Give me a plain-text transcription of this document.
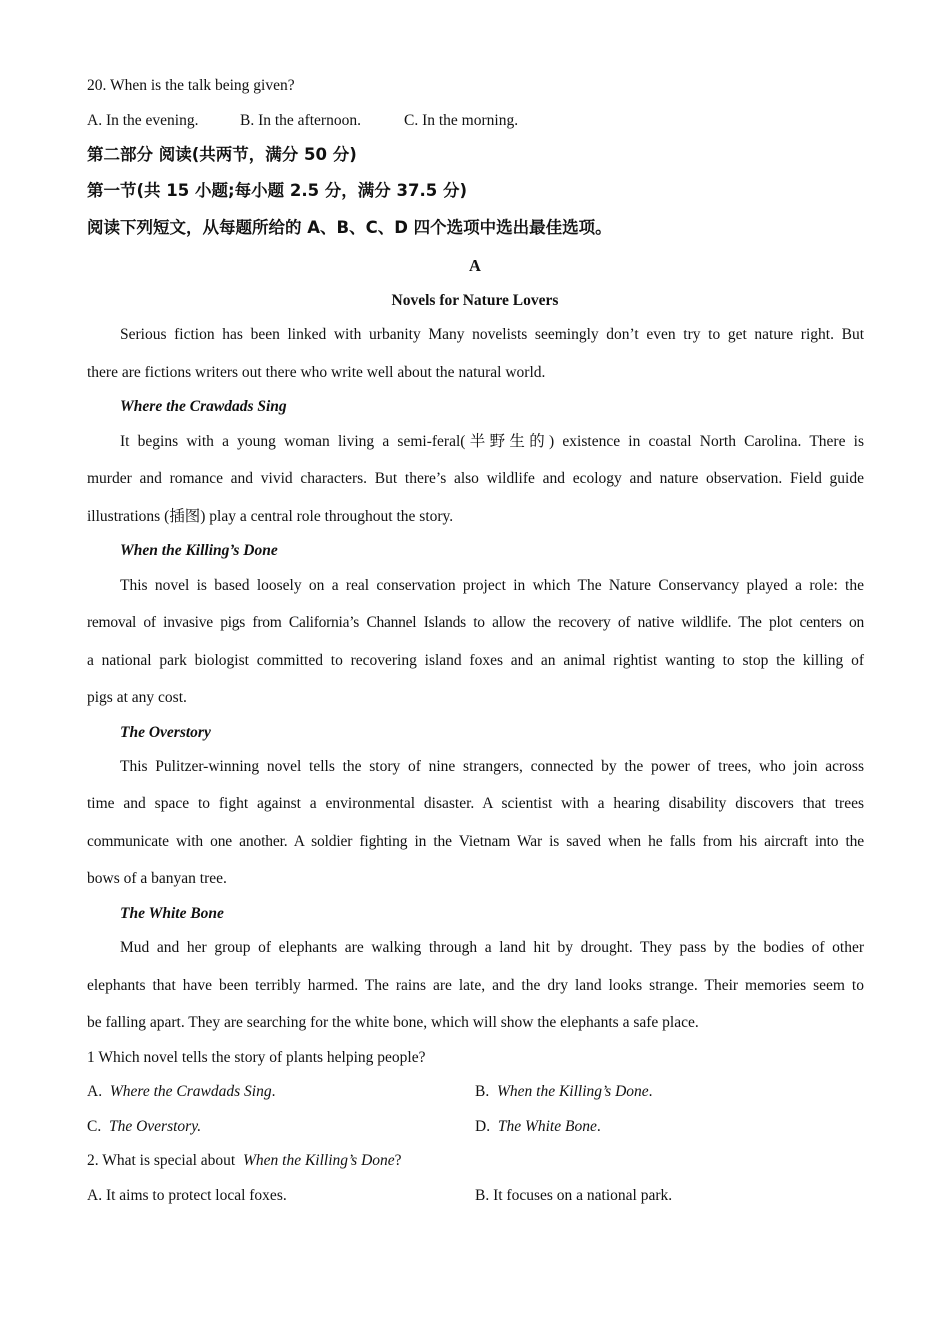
20. When is the talk being given?
A. In the evening.	B. In the afternoon.	C. In the morning.
第二部分 阅读(共两节，满分 50 分)
第一节(共 15 小题;每小题 2.5 分，满分 37.5 分)
阅读下列短文，从每题所给的 A、B、C、D 四个选项中选出最佳选项。
A
Novels for Nature Lovers
Serious fiction has been linked with urbanity Many novelists seemingly don’t even try to get nature right. But
there are fictions writers out there who write well about the natural world.
Where the Crawdads Sing
It begins with a young woman living a semi-feral(半野生的) existence in coastal North Carolina. There is
murder and romance and vivid characters. But there’s also wildlife and ecology and nature observation. Field guide
illustrations (插图) play a central role throughout the story.
When the Killing’s Done
This novel is based loosely on a real conservation project in which The Nature Conservancy played a role: the
removal of invasive pigs from California’s Channel Islands to allow the recovery of native wildlife. The plot centers on
a national park biologist committed to recovering island foxes and an animal rightist wanting to stop the killing of
pigs at any cost.
The Overstory
This Pulitzer-winning novel tells the story of nine strangers, connected by the power of trees, who join across
time and space to fight against a environmental disaster. A scientist with a hearing disability discovers that trees
communicate with one another. A soldier fighting in the Vietnam War is saved when he falls from his aircraft into the
bows of a banyan tree.
The White Bone
Mud and her group of elephants are walking through a land hit by drought. They pass by the bodies of other
elephants that have been terribly harmed. The rains are late, and the dry land looks strange. Their memories seem to
be falling apart. They are searching for the white bone, which will show the elephants a safe place.
1 Which novel tells the story of plants helping people?
A. Where the Crawdads Sing.	B. When the Killing’s Done.
C. The Overstory.	D. The White Bone.
2. What is special about  When the Killing’s Done?
A. It aims to protect local foxes.	B. It focuses on a national park.
